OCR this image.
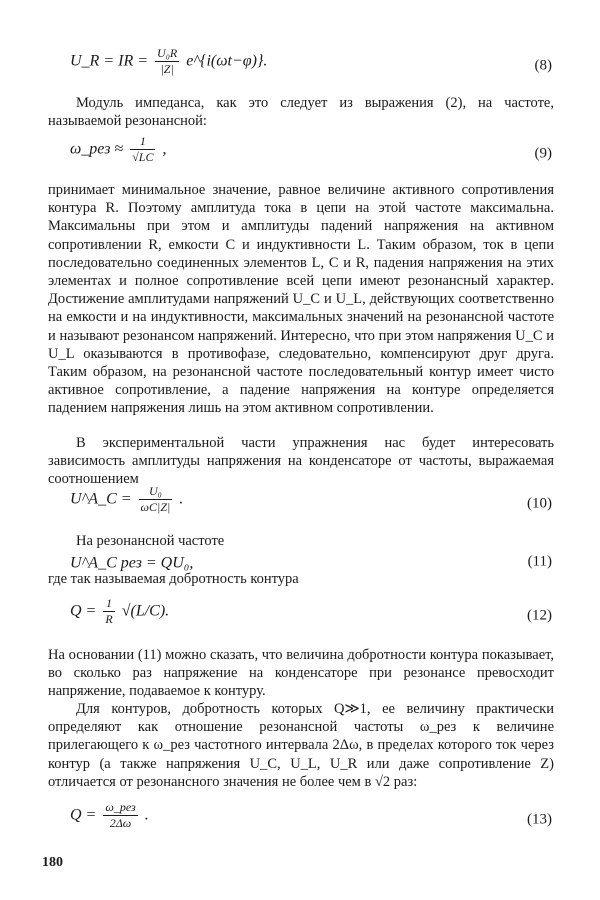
U_R = IR = $\frac{\text{U₀R}}{|Z|}$ e^{i(ωt−φ)}.	(8)

Модуль импеданса, как это следует из выражения (2), на частоте, называемой резонансной:

ω_рез ≈ $\frac{1}{√LC}$ ,	(9)

принимает минимальное значение, равное величине активного сопротивления контура R. Поэтому амплитуда тока в цепи на этой частоте максимальна. Максимальны при этом и амплитуды падений напряжения на активном сопротивлении R, емкости C и индуктивности L. Таким образом, ток в цепи последовательно соединенных элементов L, C и R, падения напряжения на этих элементах и полное сопротивление всей цепи имеют резонансный характер. Достижение амплитудами напряжений U_C и U_L, действующих соответственно на емкости и на индуктивности, максимальных значений на резонансной частоте и называют резонансом напряжений. Интересно, что при этом напряжения U_C и U_L оказываются в противофазе, следовательно, компенсируют друг друга. Таким образом, на резонансной частоте последовательный контур имеет чисто активное сопротивление, а падение напряжения на контуре определяется падением напряжения лишь на этом активном сопротивлении.

В экспериментальной части упражнения нас будет интересовать зависимость амплитуды напряжения на конденсаторе от частоты, выражаемая соотношением

U^A_C = $\frac{\text{U₀}}{\omega C|Z|}$ .	(10)

На резонансной частоте

U^A_C рез = QU₀,	(11)

где так называемая добротность контура

$Q = \frac{1}{R} √(L/C)$.	(12)

На основании (11) можно сказать, что величина добротности контура показывает, во сколько раз напряжение на конденсаторе при резонансе превосходит напряжение, подаваемое к контуру.

Для контуров, добротность которых Q≫1, ее величину практически определяют как отношение резонансной частоты ω_рез к величине прилегающего к ω_рез частотного интервала 2Δω, в пределах которого ток через контур (а также напряжения U_C, U_L, U_R или даже сопротивление Z) отличается от резонансного значения не более чем в √2 раз:

$Q = \frac{\text{ω\_рез}}{2\Delta\omega}$ .	(13)
180
